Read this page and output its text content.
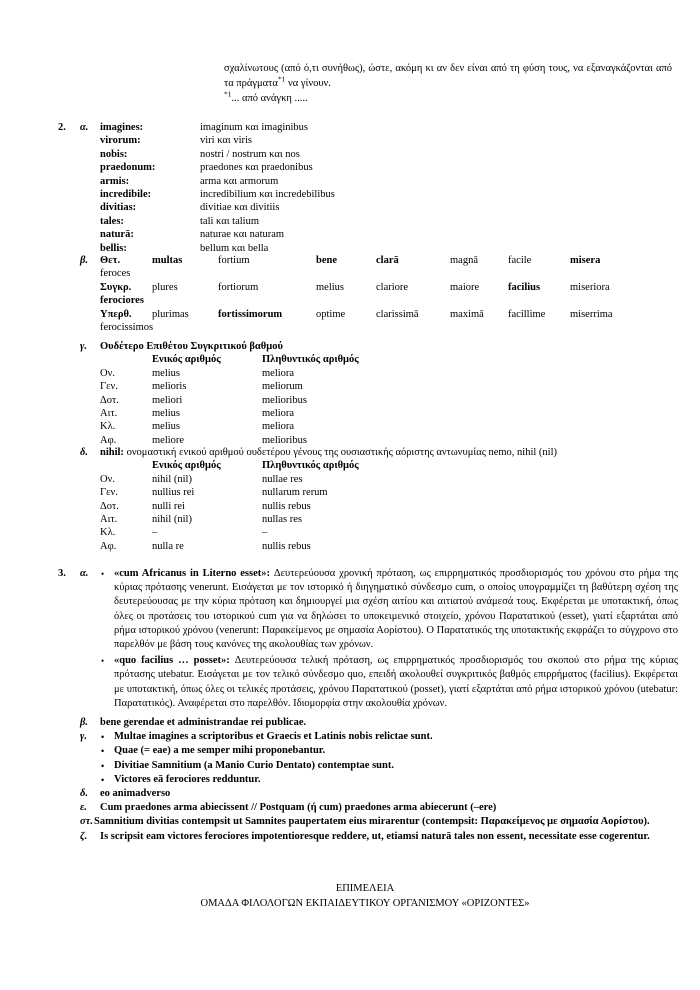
σχαλίνωτους (από ό,τι συνήθως), ώστε, ακόμη κι αν δεν είναι από τη φύση τους, να εξαναγκάζονται από τα πράγματα$^{*1}$ να γίνουν.
$^{*1}$... από ανάγκη .....
2.	α.	imagines:	imaginum και imaginibus
virorum:	viri και viris
nobis:	nostri / nostrum και nos
praedonum:	praedones και praedonibus
armis:	arma και armorum
incredibile:	incredibilium και incredebilibus
divitias:	divitiae και divitiis
tales:	tali και talium
naturā:	naturae και naturam
bellis:	bellum και bella
β. Θετ.	multas	fortium	bene	clarā	magnā	facile	misera
feroces
Συγκρ.	plures	fortiorum	melius	clariore	maiore	facilius	miseriora
ferociores
Υπερθ.	plurimas	fortissimorum	optime	clarissimā	maximā	facillime	miserrima
ferocissimos
γ. Ουδέτερο Επιθέτου Συγκριτικού βαθμού
Ενικός αριθμός	Πληθυντικός αριθμός
Ον.	melius	meliora
Γεν.	melioris	meliorum
Δοτ.	meliori	melioribus
Αιτ.	melius	meliora
Κλ.	melius	meliora
Αφ.	meliore	melioribus
δ. nihil: ονομαστική ενικού αριθμού ουδετέρου γένους της ουσιαστικής αόριστης αντωνυμίας nemo, nihil (nil)
Ενικός αριθμός	Πληθυντικός αριθμός
Ον.	nihil (nil)	nullae res
Γεν.	nullius rei	nullarum rerum
Δοτ.	nulli rei	nullis rebus
Αιτ.	nihil (nil)	nullas res
Κλ.	–	–
Αφ.	nulla re	nullis rebus
3. α.	• «cum Africanus in Literno esset»: Δευτερεύουσα χρονική πρόταση, ως επιρρηματικός προσδιορισμός του χρόνου στο ρήμα της κύριας πρότασης venerunt. Εισάγεται με τον ιστορικό ή διηγηματικό σύνδεσμο cum, ο οποίος υπογραμμίζει τη βαθύτερη σχέση της δευτερεύουσας με την κύρια πρόταση και δημιουργεί μια σχέση αιτίου και αιτιατού ανάμεσά τους. Εκφέρεται με υποτακτική, όπως όλες οι προτάσεις του ιστορικού cum για να δηλώσει το υποκειμενικό στοιχείο, χρόνου Παρατατικού (esset), γιατί εξαρτάται από ρήμα ιστορικού χρόνου (venerunt: Παρακείμενος με σημασία Αορίστου). Ο Παρατατικός της υποτακτικής εκφράζει το σύγχρονο στο παρελθόν με βάση τους κανόνες της ακολουθίας των χρόνων.
• «quo facilius … posset»: Δευτερεύουσα τελική πρόταση, ως επιρρηματικός προσδιορισμός του σκοπού στο ρήμα της κύριας πρότασης utebatur. Εισάγεται με τον τελικό σύνδεσμο quo, επειδή ακολουθεί συγκριτικός βαθμός επιρρήματος (facilius). Εκφέρεται με υποτακτική, όπως όλες οι τελικές προτάσεις, χρόνου Παρατατικού (posset), γιατί εξαρτάται από ρήμα ιστορικού χρόνου (utebatur: Παρατατικός). Αναφέρεται στο παρελθόν. Ιδιομορφία στην ακολουθία χρόνων.
β. bene gerendae et administrandae rei publicae.
γ.	• Multae imagines a scriptoribus et Graecis et Latinis nobis relictae sunt.
• Quae (= eae) a me semper mihi proponebantur.
• Divitiae Samnitium (a Manio Curio Dentato) contemptae sunt.
• Victores eā ferociores redduntur.
δ. eo animadverso
ε. Cum praedones arma abiecissent // Postquam (ή cum) praedones arma abiecerunt (–ere)
στ. Samnitium divitias contempsit ut Samnites paupertatem eius mirarentur (contempsit: Παρακείμενος με σημασία Αορίστου).
ζ. Is scripsit eam victores ferociores impotentioresque reddere, ut, etiamsi naturā tales non essent, necessitate esse cogerentur.
ΕΠΙΜΕΛΕΙΑ
ΟΜΑΔΑ ΦΙΛΟΛΟΓΩΝ ΕΚΠΑΙΔΕΥΤΙΚΟΥ ΟΡΓΑΝΙΣΜΟΥ «ΟΡΙΖΟΝΤΕΣ»
